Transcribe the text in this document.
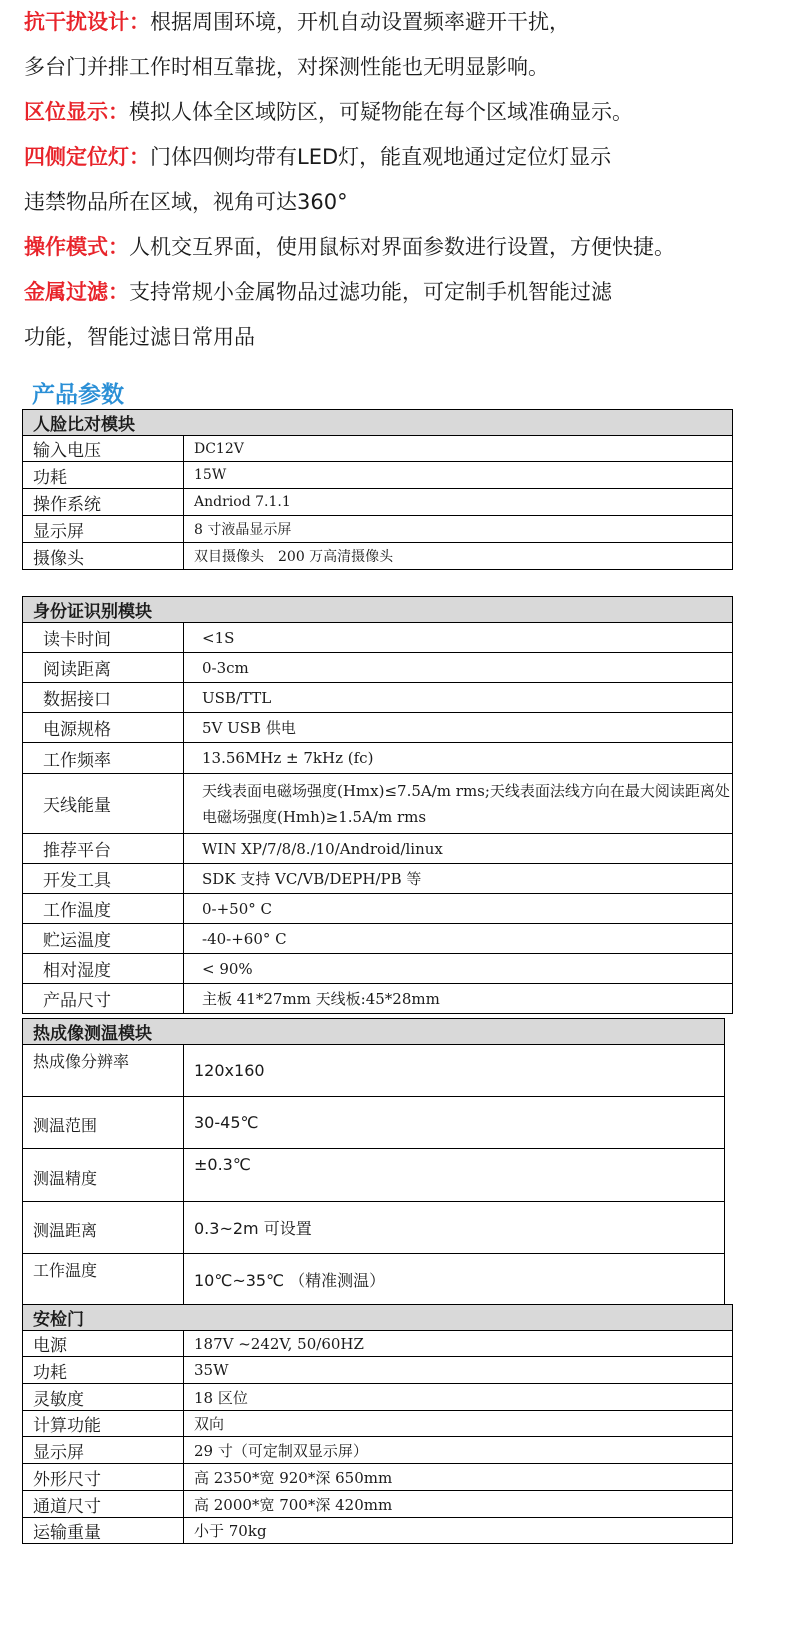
抗干扰设计：根据周围环境，开机自动设置频率避开干扰，

多台门并排工作时相互靠拢，对探测性能也无明显影响。

区位显示：模拟人体全区域防区，可疑物能在每个区域准确显示。

四侧定位灯：门体四侧均带有LED灯，能直观地通过定位灯显示

违禁物品所在区域，视角可达360°

操作模式：人机交互界面，使用鼠标对界面参数进行设置，方便快捷。

金属过滤：支持常规小金属物品过滤功能，可定制手机智能过滤

功能，智能过滤日常用品

产品参数
人脸比对模块	
输入电压	DC12V
功耗	15W
操作系统	Andriod 7.1.1
显示屏	8 寸液晶显示屏
摄像头	双目摄像头　200 万高清摄像头
身份证识别模块	
读卡时间	<1S
阅读距离	0-3cm
数据接口	USB/TTL
电源规格	5V USB 供电
工作频率	13.56MHz ± 7kHz (fc)
天线能量	天线表面电磁场强度(Hmx)≤7.5A/m rms;天线表面法线方向在最大阅读距离处电磁场强度(Hmh)≥1.5A/m rms
推荐平台	WIN XP/7/8/8./10/Android/linux
开发工具	SDK 支持 VC/VB/DEPH/PB 等
工作温度	0-+50° C
贮运温度	-40-+60° C
相对湿度	< 90%
产品尺寸	主板 41*27mm 天线板:45*28mm
热成像测温模块	
热成像分辨率	120x160
测温范围	30-45℃
测温精度	±0.3℃
测温距离	0.3~2m 可设置
工作温度	10℃~35℃ （精准测温）
安检门	
电源	187V ~242V, 50/60HZ
功耗	35W
灵敏度	18 区位
计算功能	双向
显示屏	29 寸（可定制双显示屏）
外形尺寸	高 2350*宽 920*深 650mm
通道尺寸	高 2000*宽 700*深 420mm
运输重量	小于 70kg
